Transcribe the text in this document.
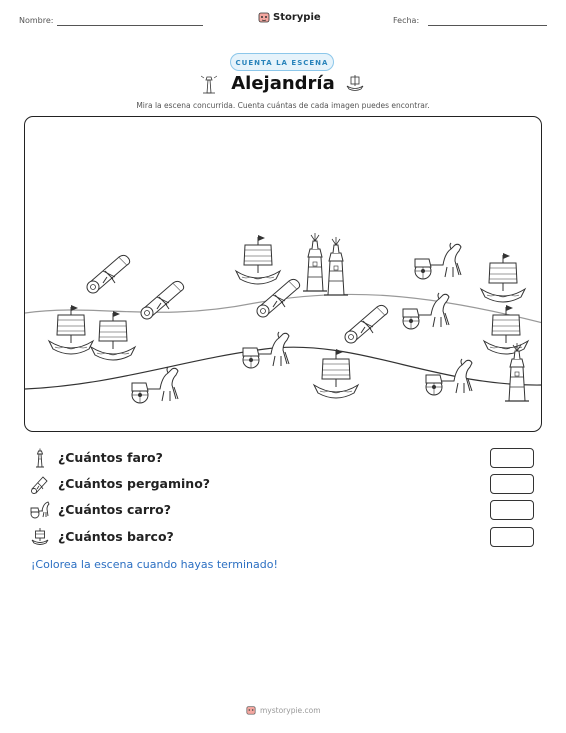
Nombre:	Storypie	Fecha:
CUENTA LA ESCENA
Alejandría
Mira la escena concurrida. Cuenta cuántas de cada imagen puedes encontrar.
¿Cuántos faro?
¿Cuántos pergamino?
¿Cuántos carro?
¿Cuántos barco?
¡Colorea la escena cuando hayas terminado!
mystorypie.com
